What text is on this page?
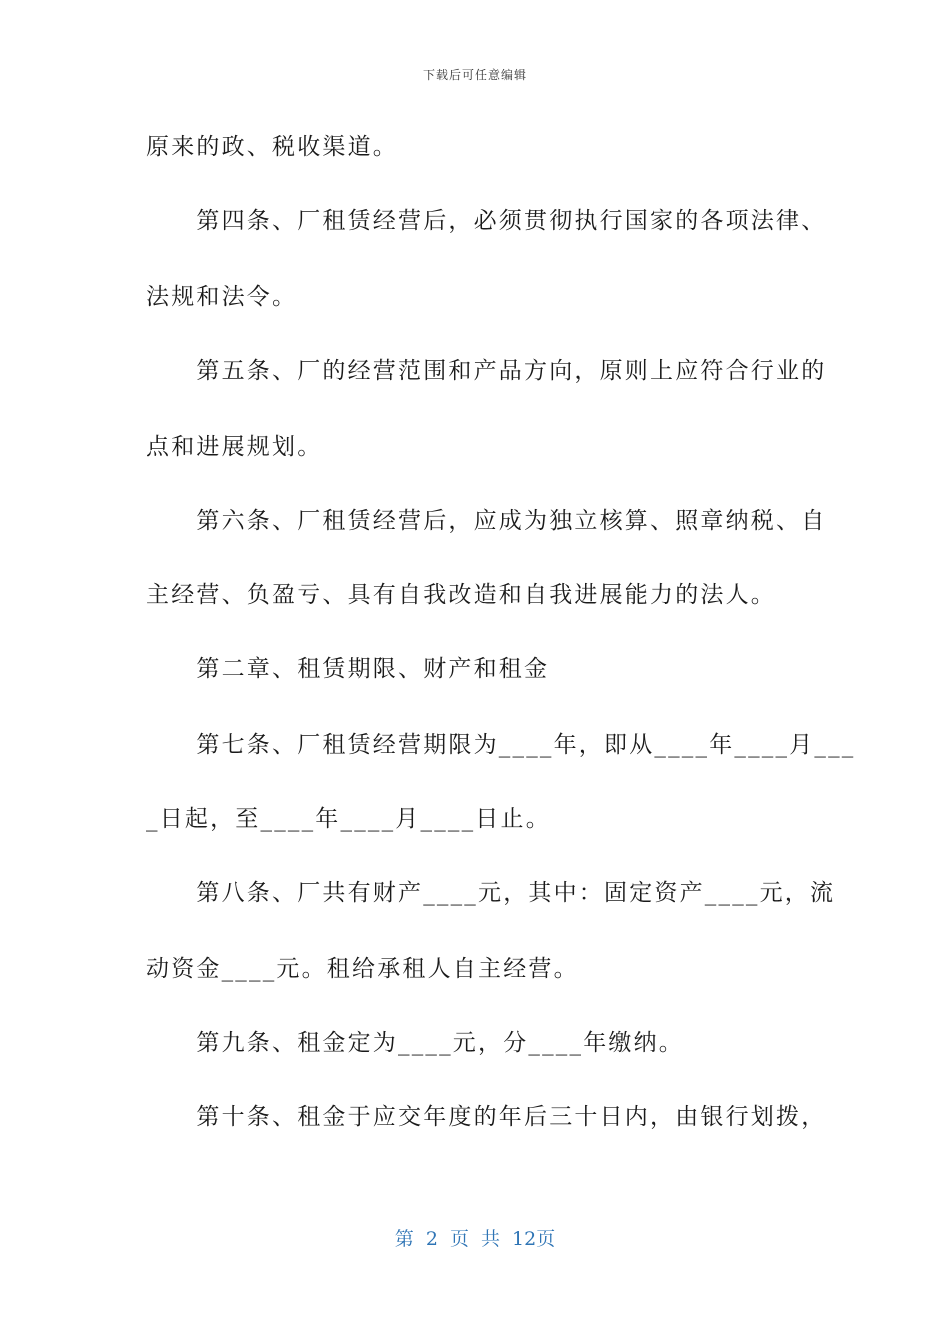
下载后可任意编辑
原来的政、税收渠道。
　　第四条、厂租赁经营后，必须贯彻执行国家的各项法律、
法规和法令。
　　第五条、厂的经营范围和产品方向，原则上应符合行业的
点和进展规划。
　　第六条、厂租赁经营后，应成为独立核算、照章纳税、自
主经营、负盈亏、具有自我改造和自我进展能力的法人。
　　第二章、租赁期限、财产和租金
　　第七条、厂租赁经营期限为____年，即从____年____月___
_日起，至____年____月____日止。
　　第八条、厂共有财产____元，其中：固定资产____元，流
动资金____元。租给承租人自主经营。
　　第九条、租金定为____元，分____年缴纳。
　　第十条、租金于应交年度的年后三十日内，由银行划拨，
第 2 页 共 12页
